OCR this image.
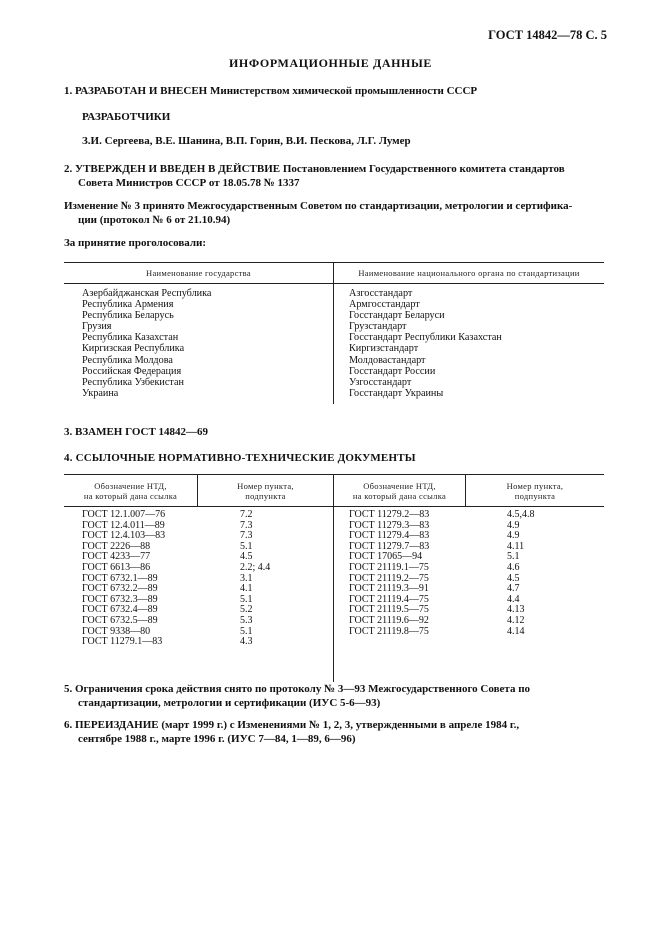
ГОСТ 14842—78 С. 5
ИНФОРМАЦИОННЫЕ ДАННЫЕ
1. РАЗРАБОТАН И ВНЕСЕН Министерством химической промышленности СССР
РАЗРАБОТЧИКИ
З.И. Сергеева, В.Е. Шанина, В.П. Горин, В.И. Пескова, Л.Г. Лумер
2. УТВЕРЖДЕН И ВВЕДЕН В ДЕЙСТВИЕ Постановлением Государственного комитета стандартов
Совета Министров СССР от 18.05.78 № 1337
Изменение № 3 принято Межгосударственным Советом по стандартизации, метрологии и сертифика-
ции (протокол № 6 от 21.10.94)
За принятие проголосовали:
Наименование государства	Наименование национального органа по стандартизации
Азербайджанская Республика
Республика Армения
Республика Беларусь
Грузия
Республика Казахстан
Киргизская Республика
Республика Молдова
Российская Федерация
Республика Узбекистан
Украина
Азгосстандарт
Армгосстандарт
Госстандарт Беларуси
Грузстандарт
Госстандарт Республики Казахстан
Киргизстандарт
Молдовастандарт
Госстандарт России
Узгосстандарт
Госстандарт Украины
3. ВЗАМЕН ГОСТ 14842—69
4. ССЫЛОЧНЫЕ НОРМАТИВНО-ТЕХНИЧЕСКИЕ ДОКУМЕНТЫ
Обозначение НТД,
на который дана ссылка
Номер пункта,
подпункта
Обозначение НТД,
на который дана ссылка
Номер пункта,
подпункта
ГОСТ 12.1.007—76
ГОСТ 12.4.011—89
ГОСТ 12.4.103—83
ГОСТ 2226—88
ГОСТ 4233—77
ГОСТ 6613—86
ГОСТ 6732.1—89
ГОСТ 6732.2—89
ГОСТ 6732.3—89
ГОСТ 6732.4—89
ГОСТ 6732.5—89
ГОСТ 9338—80
ГОСТ 11279.1—83
7.2
7.3
7.3
5.1
4.5
2.2; 4.4
3.1
4.1
5.1
5.2
5.3
5.1
4.3
ГОСТ 11279.2—83
ГОСТ 11279.3—83
ГОСТ 11279.4—83
ГОСТ 11279.7—83
ГОСТ 17065—94
ГОСТ 21119.1—75
ГОСТ 21119.2—75
ГОСТ 21119.3—91
ГОСТ 21119.4—75
ГОСТ 21119.5—75
ГОСТ 21119.6—92
ГОСТ 21119.8—75
4.5,4.8
4.9
4.9
4.11
5.1
4.6
4.5
4.7
4.4
4.13
4.12
4.14
5. Ограничения срока действия снято по протоколу № 3—93 Межгосударственного Совета по
стандартизации, метрологии и сертификации (ИУС 5-6—93)
6. ПЕРЕИЗДАНИЕ (март 1999 г.) с Изменениями № 1, 2, 3, утвержденными в апреле 1984 г.,
сентябре 1988 г., марте 1996 г. (ИУС 7—84, 1—89, 6—96)
